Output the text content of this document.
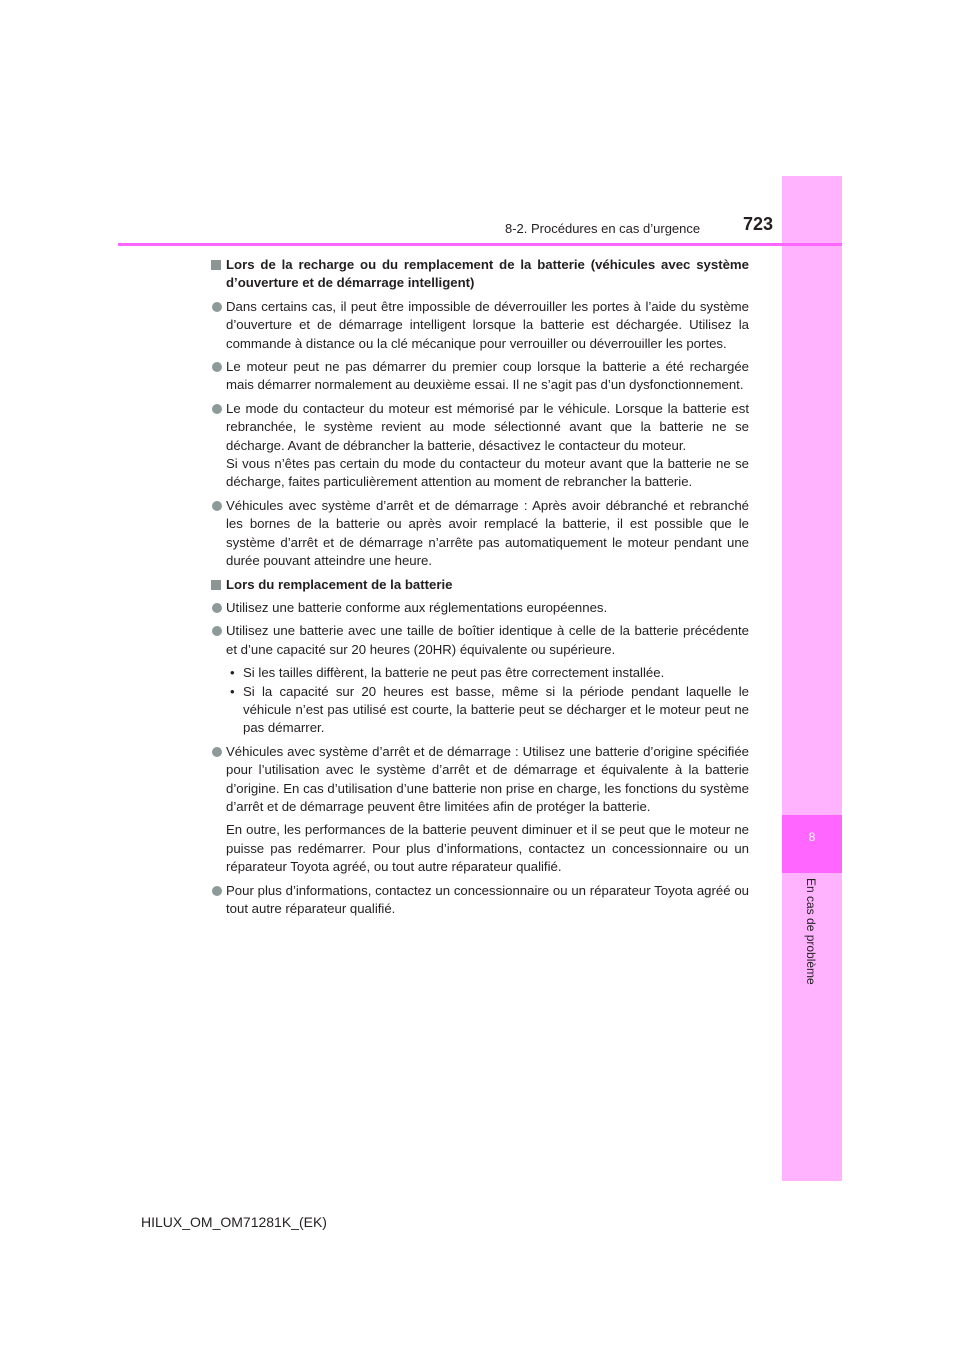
8
En cas de problème
8-2. Procédures en cas d’urgence	723
Lors de la recharge ou du remplacement de la batterie (véhicules avec système d’ouverture et de démarrage intelligent)
Dans certains cas, il peut être impossible de déverrouiller les portes à l’aide du système d’ouverture et de démarrage intelligent lorsque la batterie est déchargée. Utilisez la commande à distance ou la clé mécanique pour verrouiller ou déverrouiller les portes.
Le moteur peut ne pas démarrer du premier coup lorsque la batterie a été rechargée mais démarrer normalement au deuxième essai. Il ne s’agit pas d’un dysfonctionnement.
Le mode du contacteur du moteur est mémorisé par le véhicule. Lorsque la batterie est rebranchée, le système revient au mode sélectionné avant que la batterie ne se décharge. Avant de débrancher la batterie, désactivez le contacteur du moteur.
Si vous n’êtes pas certain du mode du contacteur du moteur avant que la batterie ne se décharge, faites particulièrement attention au moment de rebrancher la batterie.
Véhicules avec système d’arrêt et de démarrage : Après avoir débranché et rebranché les bornes de la batterie ou après avoir remplacé la batterie, il est possible que le système d’arrêt et de démarrage n’arrête pas automatiquement le moteur pendant une durée pouvant atteindre une heure.
Lors du remplacement de la batterie
Utilisez une batterie conforme aux réglementations européennes.
Utilisez une batterie avec une taille de boîtier identique à celle de la batterie précédente et d’une capacité sur 20 heures (20HR) équivalente ou supérieure.
• Si les tailles diffèrent, la batterie ne peut pas être correctement installée.
• Si la capacité sur 20 heures est basse, même si la période pendant laquelle le véhicule n’est pas utilisé est courte, la batterie peut se décharger et le moteur peut ne pas démarrer.
Véhicules avec système d’arrêt et de démarrage : Utilisez une batterie d’origine spécifiée pour l’utilisation avec le système d’arrêt et de démarrage et équivalente à la batterie d’origine. En cas d’utilisation d’une batterie non prise en charge, les fonctions du système d’arrêt et de démarrage peuvent être limitées afin de protéger la batterie.
En outre, les performances de la batterie peuvent diminuer et il se peut que le moteur ne puisse pas redémarrer. Pour plus d’informations, contactez un concessionnaire ou un réparateur Toyota agréé, ou tout autre réparateur qualifié.
Pour plus d’informations, contactez un concessionnaire ou un réparateur Toyota agréé ou tout autre réparateur qualifié.
HILUX_OM_OM71281K_(EK)
